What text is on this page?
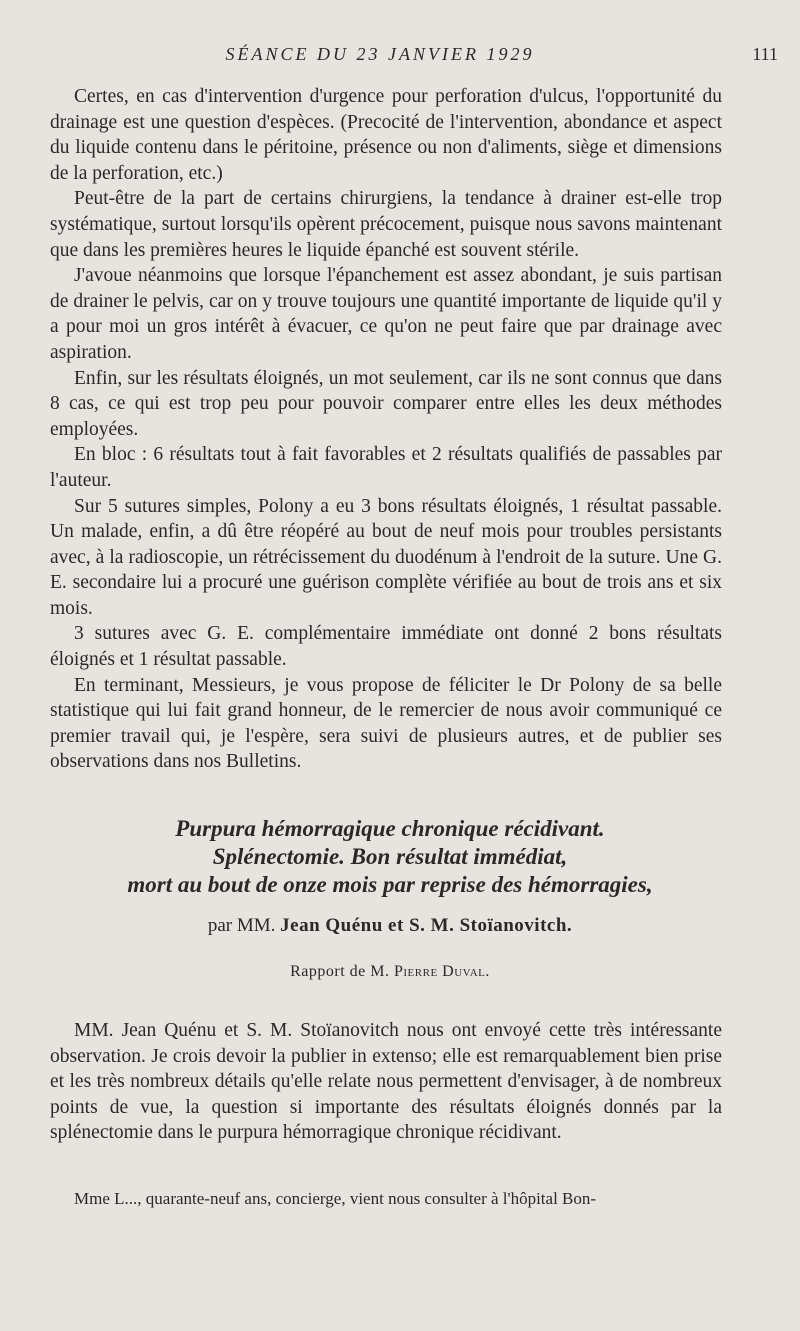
SÉANCE DU 23 JANVIER 1929	111

Certes, en cas d'intervention d'urgence pour perforation d'ulcus, l'opportunité du drainage est une question d'espèces. (Precocité de l'intervention, abondance et aspect du liquide contenu dans le péritoine, présence ou non d'aliments, siège et dimensions de la perforation, etc.)

Peut-être de la part de certains chirurgiens, la tendance à drainer est-elle trop systématique, surtout lorsqu'ils opèrent précocement, puisque nous savons maintenant que dans les premières heures le liquide épanché est souvent stérile.

J'avoue néanmoins que lorsque l'épanchement est assez abondant, je suis partisan de drainer le pelvis, car on y trouve toujours une quantité importante de liquide qu'il y a pour moi un gros intérêt à évacuer, ce qu'on ne peut faire que par drainage avec aspiration.

Enfin, sur les résultats éloignés, un mot seulement, car ils ne sont connus que dans 8 cas, ce qui est trop peu pour pouvoir comparer entre elles les deux méthodes employées.

En bloc : 6 résultats tout à fait favorables et 2 résultats qualifiés de passables par l'auteur.

Sur 5 sutures simples, Polony a eu 3 bons résultats éloignés, 1 résultat passable. Un malade, enfin, a dû être réopéré au bout de neuf mois pour troubles persistants avec, à la radioscopie, un rétrécissement du duodénum à l'endroit de la suture. Une G. E. secondaire lui a procuré une guérison complète vérifiée au bout de trois ans et six mois.

3 sutures avec G. E. complémentaire immédiate ont donné 2 bons résultats éloignés et 1 résultat passable.

En terminant, Messieurs, je vous propose de féliciter le Dr Polony de sa belle statistique qui lui fait grand honneur, de le remercier de nous avoir communiqué ce premier travail qui, je l'espère, sera suivi de plusieurs autres, et de publier ses observations dans nos Bulletins.

Purpura hémorragique chronique récidivant.
Splénectomie. Bon résultat immédiat,
mort au bout de onze mois par reprise des hémorragies,
par MM. Jean Quénu et S. M. Stoïanovitch.
Rapport de M. Pierre Duval.

MM. Jean Quénu et S. M. Stoïanovitch nous ont envoyé cette très intéressante observation. Je crois devoir la publier in extenso; elle est remarquablement bien prise et les très nombreux détails qu'elle relate nous permettent d'envisager, à de nombreux points de vue, la question si importante des résultats éloignés donnés par la splénectomie dans le purpura hémorragique chronique récidivant.

Mme L..., quarante-neuf ans, concierge, vient nous consulter à l'hôpital Bon-
